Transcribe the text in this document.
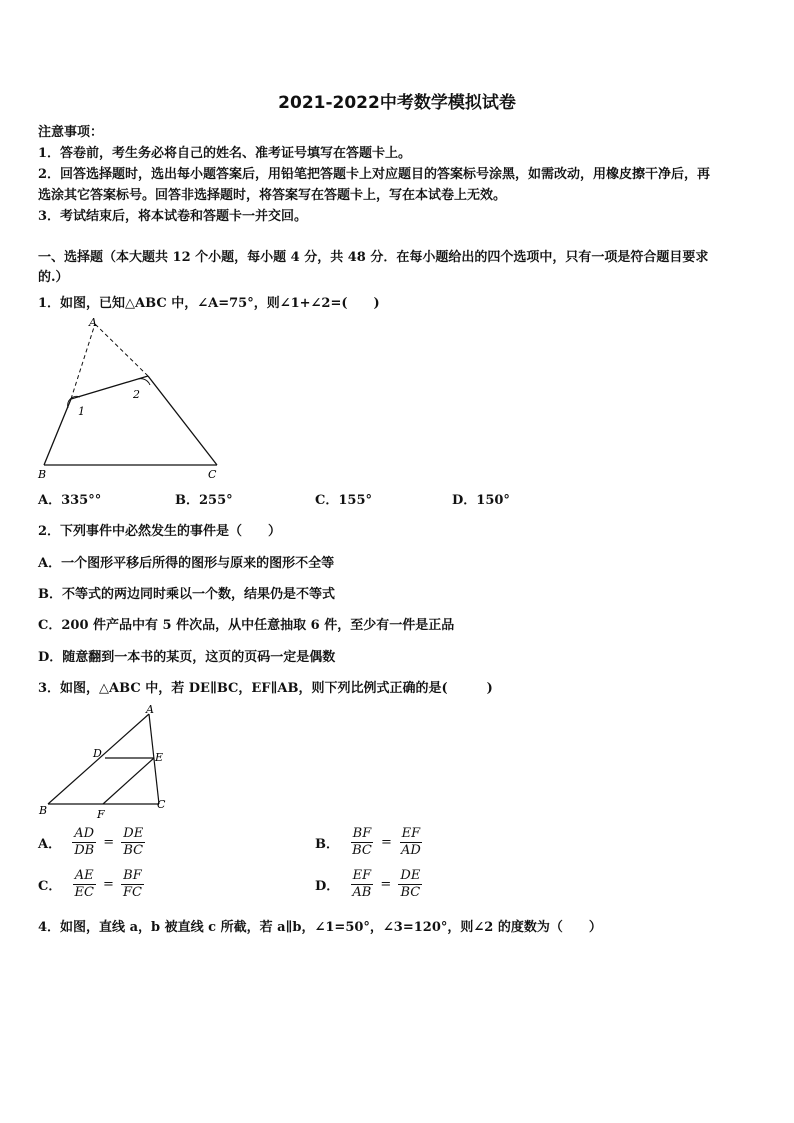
2021-2022中考数学模拟试卷
注意事项：
1．答卷前，考生务必将自己的姓名、准考证号填写在答题卡上。
2．回答选择题时，选出每小题答案后，用铅笔把答题卡上对应题目的答案标号涂黑，如需改动，用橡皮擦干净后，再
选涂其它答案标号。回答非选择题时，将答案写在答题卡上，写在本试卷上无效。
3．考试结束后，将本试卷和答题卡一并交回。
一、选择题（本大题共 12 个小题，每小题 4 分，共 48 分．在每小题给出的四个选项中，只有一项是符合题目要求
的.）
1．如图，已知△ABC 中，∠A=75°，则∠1+∠2=(　　)
A
B	C
1
2
A．335°°	B．255°	C．155°	D．150°
2．下列事件中必然发生的事件是（　　）
A．一个图形平移后所得的图形与原来的图形不全等
B．不等式的两边同时乘以一个数，结果仍是不等式
C．200 件产品中有 5 件次品，从中任意抽取 6 件，至少有一件是正品
D．随意翻到一本书的某页，这页的页码一定是偶数
3．如图，△ABC 中，若 DE∥BC，EF∥AB，则下列比例式正确的是(　　　)
A
B	C
D	E
F
A． $\frac{AD}{DB} = \frac{DE}{BC}$	B． $\frac{BF}{BC} = \frac{EF}{AD}$
C． $\frac{AE}{EC} = \frac{BF}{FC}$	D． $\frac{EF}{AB} = \frac{DE}{BC}$
4．如图，直线 a，b 被直线 c 所截，若 a∥b，∠1=50°，∠3=120°，则∠2 的度数为（　　）
